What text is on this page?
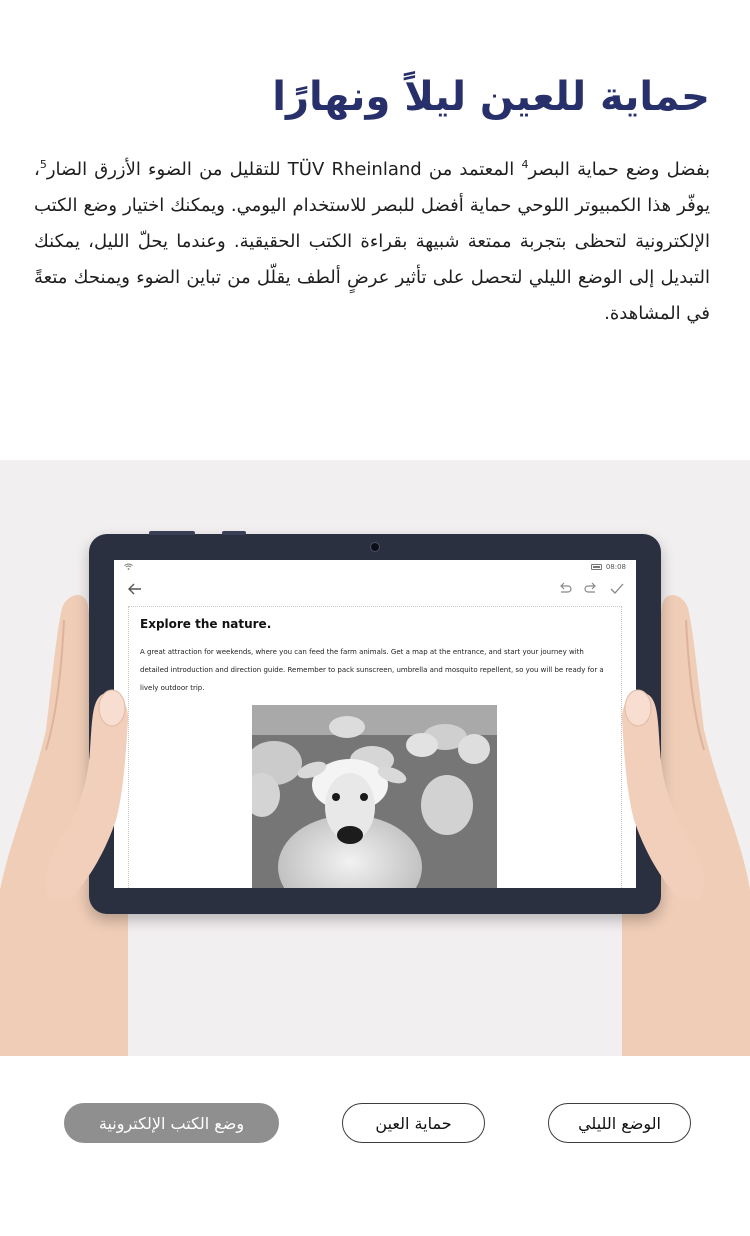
حماية للعين ليلاً ونهارًا

بفضل وضع حماية البصر$^4$ المعتمد من TÜV Rheinland للتقليل من الضوء الأزرق الضار$^5$، يوفّر هذا الكمبيوتر اللوحي حماية أفضل للبصر للاستخدام اليومي. ويمكنك اختيار وضع الكتب الإلكترونية لتحظى بتجربة ممتعة شبيهة بقراءة الكتب الحقيقية. وعندما يحلّ الليل، يمكنك التبديل إلى الوضع الليلي لتحصل على تأثير عرضٍ ألطف يقلّل من تباين الضوء ويمنحك متعةً في المشاهدة.

08:08
Explore the nature.
A great attraction for weekends, where you can feed the farm animals. Get a map at the entrance, and start your journey with detailed introduction and direction guide. Remember to pack sunscreen, umbrella and mosquito repellent, so you will be ready for a lively outdoor trip.
الوضع الليلي
حماية العين
وضع الكتب الإلكترونية
